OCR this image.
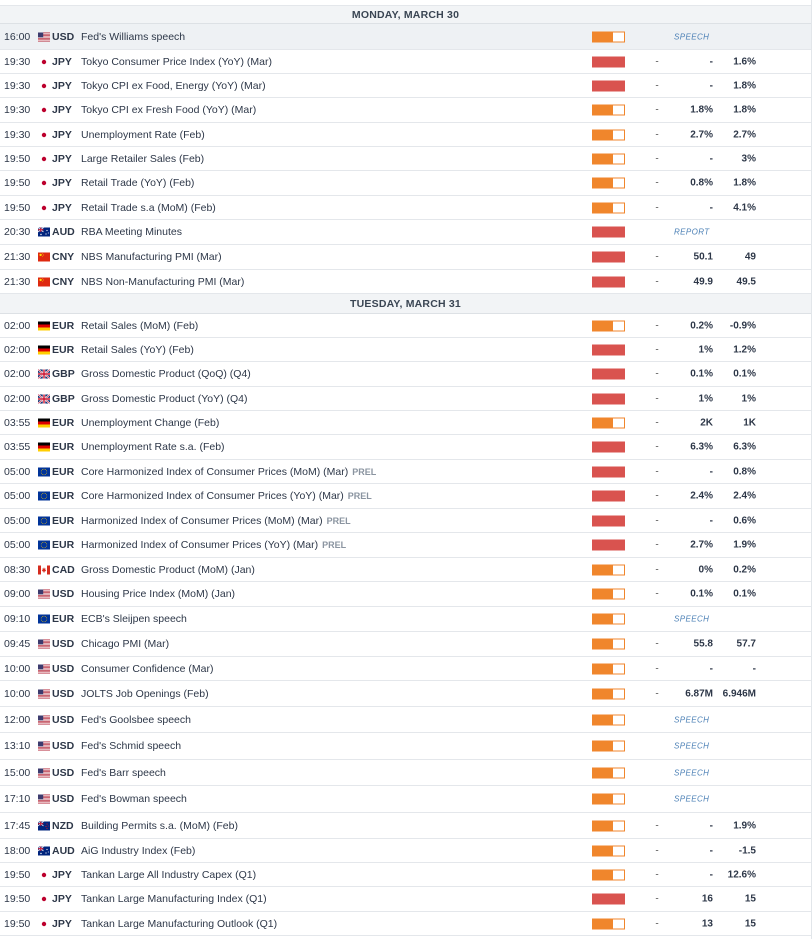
MONDAY, MARCH 30
16:00 USD Fed's Williams speech	SPEECH
19:30 JPY Tokyo Consumer Price Index (YoY) (Mar)	-	- 1.6%
19:30 JPY Tokyo CPI ex Food, Energy (YoY) (Mar)	-	- 1.8%
19:30 JPY Tokyo CPI ex Fresh Food (YoY) (Mar)	-	1.8% 1.8%
19:30 JPY Unemployment Rate (Feb)	-	2.7% 2.7%
19:50 JPY Large Retailer Sales (Feb)	-	-	3%
19:50 JPY Retail Trade (YoY) (Feb)	-	0.8% 1.8%
19:50 JPY Retail Trade s.a (MoM) (Feb)	-	- 4.1%
20:30 AUD RBA Meeting Minutes	REPORT
21:30 CNY NBS Manufacturing PMI (Mar)	-	50.1	49
21:30 CNY NBS Non-Manufacturing PMI (Mar)	-	49.9 49.5
TUESDAY, MARCH 31
02:00 EUR Retail Sales (MoM) (Feb)	-	0.2% -0.9%
02:00 EUR Retail Sales (YoY) (Feb)	-	1% 1.2%
02:00 GBP Gross Domestic Product (QoQ) (Q4)	-	0.1% 0.1%
02:00 GBP Gross Domestic Product (YoY) (Q4)	-	1%	1%
03:55 EUR Unemployment Change (Feb)	-	2K	1K
03:55 EUR Unemployment Rate s.a. (Feb)	-	6.3% 6.3%
05:00 EUR Core Harmonized Index of Consumer Prices (MoM) (Mar) PREL	-	- 0.8%
05:00 EUR Core Harmonized Index of Consumer Prices (YoY) (Mar) PREL	-	2.4% 2.4%
05:00 EUR Harmonized Index of Consumer Prices (MoM) (Mar) PREL	-	- 0.6%
05:00 EUR Harmonized Index of Consumer Prices (YoY) (Mar) PREL	-	2.7% 1.9%
08:30 CAD Gross Domestic Product (MoM) (Jan)	-	0% 0.2%
09:00 USD Housing Price Index (MoM) (Jan)	-	0.1% 0.1%
09:10 EUR ECB's Sleijpen speech	SPEECH
09:45 USD Chicago PMI (Mar)	-	55.8 57.7
10:00 USD Consumer Confidence (Mar)	-	-	-
10:00 USD JOLTS Job Openings (Feb)	-	6.87M 6.946M
12:00 USD Fed's Goolsbee speech	SPEECH
13:10 USD Fed's Schmid speech	SPEECH
15:00 USD Fed's Barr speech	SPEECH
17:10 USD Fed's Bowman speech	SPEECH
17:45 NZD Building Permits s.a. (MoM) (Feb)	-	- 1.9%
18:00 AUD AiG Industry Index (Feb)	-	-	-1.5
19:50 JPY Tankan Large All Industry Capex (Q1)	-	- 12.6%
19:50 JPY Tankan Large Manufacturing Index (Q1)	-	16	15
19:50 JPY Tankan Large Manufacturing Outlook (Q1)	-	13	15
